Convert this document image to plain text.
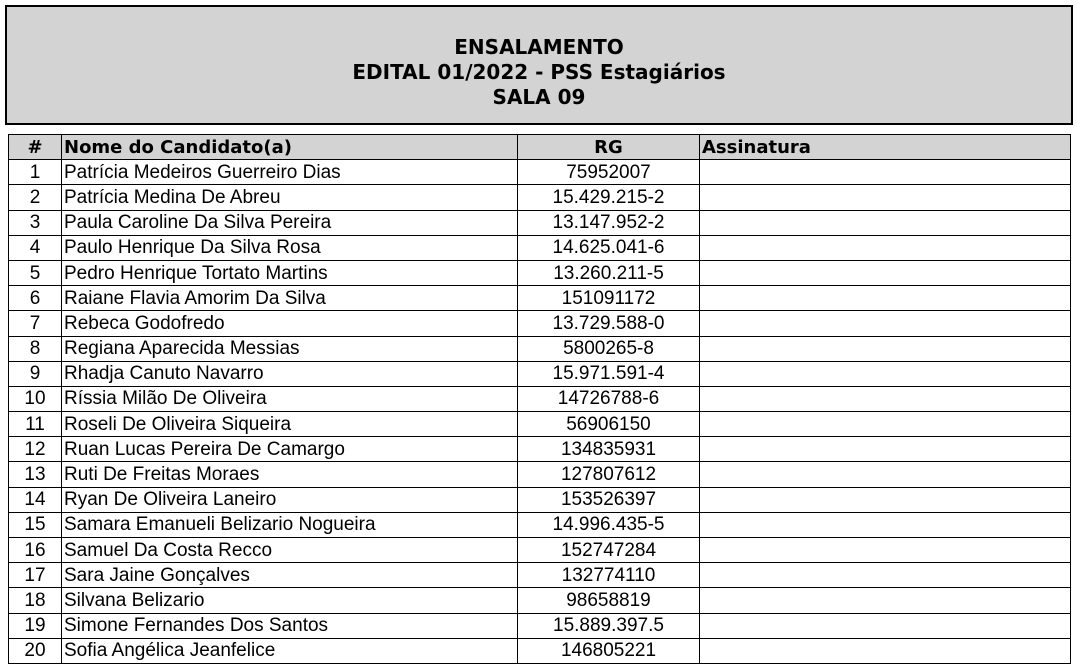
ENSALAMENTO
EDITAL 01/2022 - PSS Estagiários
SALA 09
#	Nome do Candidato(a)	RG	Assinatura
1	Patrícia Medeiros Guerreiro Dias	75952007	
2	Patrícia Medina De Abreu	15.429.215-2	
3	Paula Caroline Da Silva Pereira	13.147.952-2	
4	Paulo Henrique Da Silva Rosa	14.625.041-6	
5	Pedro Henrique Tortato Martins	13.260.211-5	
6	Raiane Flavia Amorim Da Silva	151091172	
7	Rebeca Godofredo	13.729.588-0	
8	Regiana Aparecida Messias	5800265-8	
9	Rhadja Canuto Navarro	15.971.591-4	
10	Ríssia Milão De Oliveira	14726788-6	
11	Roseli De Oliveira Siqueira	56906150	
12	Ruan Lucas Pereira De Camargo	134835931	
13	Ruti De Freitas Moraes	127807612	
14	Ryan De Oliveira Laneiro	153526397	
15	Samara Emanueli Belizario Nogueira	14.996.435-5	
16	Samuel Da Costa Recco	152747284	
17	Sara Jaine Gonçalves	132774110	
18	Silvana Belizario	98658819	
19	Simone Fernandes Dos Santos	15.889.397.5	
20	Sofia Angélica Jeanfelice	146805221	
